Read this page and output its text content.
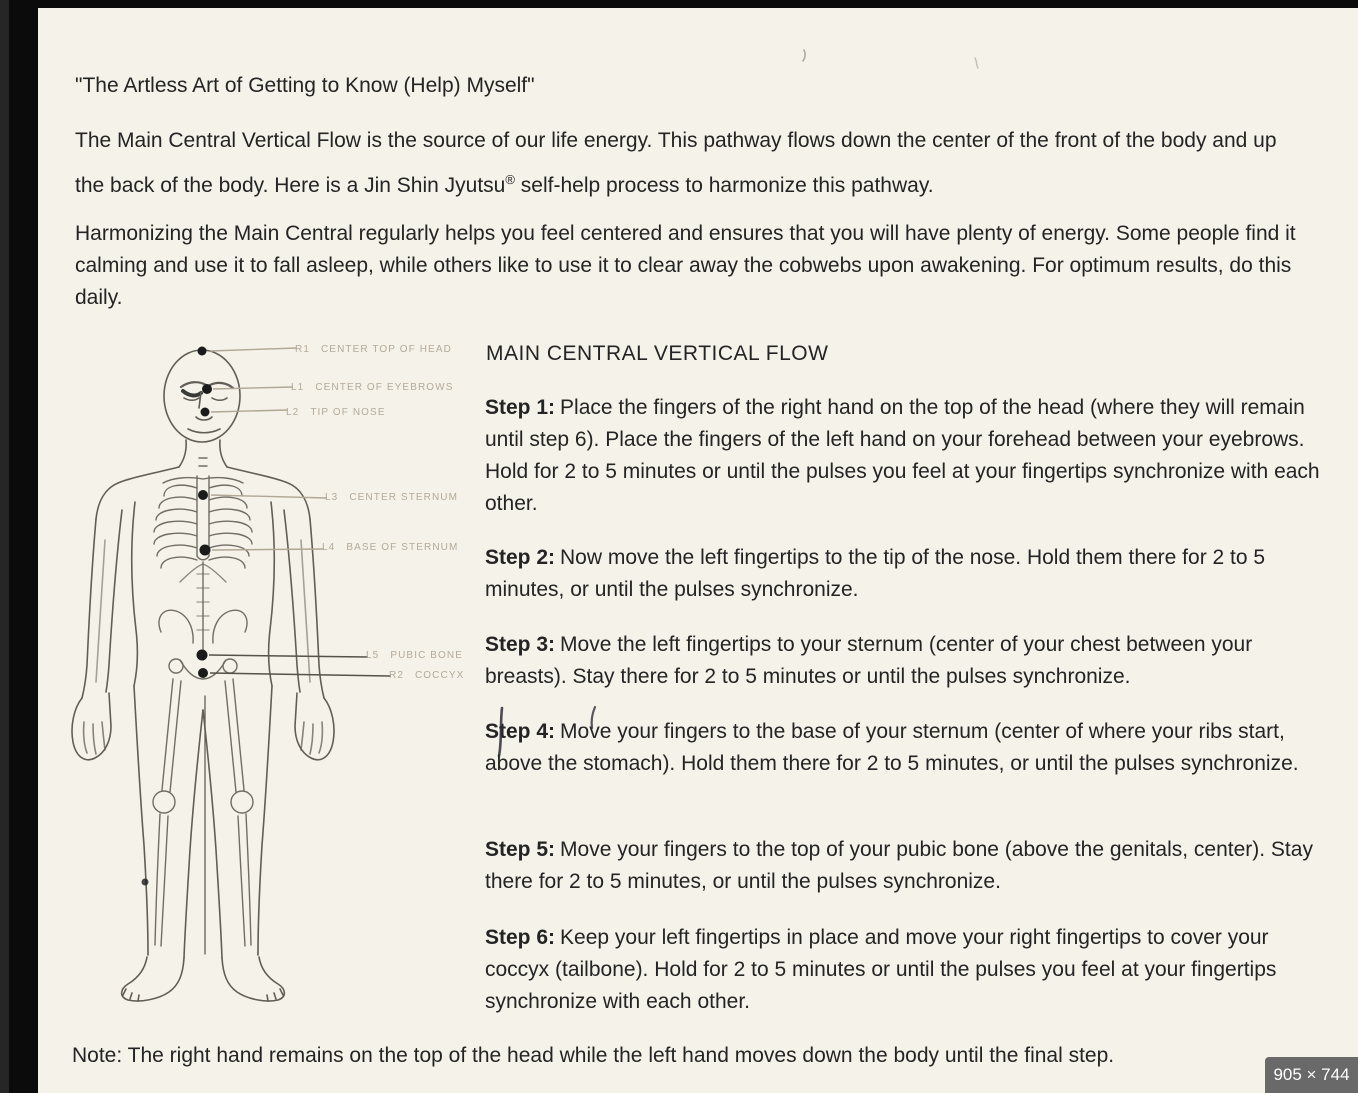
"The Artless Art of Getting to Know (Help) Myself"
The Main Central Vertical Flow is the source of our life energy. This pathway flows down the center of the front of the body and up the back of the body. Here is a Jin Shin Jyutsu® self-help process to harmonize this pathway.
Harmonizing the Main Central regularly helps you feel centered and ensures that you will have plenty of energy. Some people find it calming and use it to fall asleep, while others like to use it to clear away the cobwebs upon awakening. For optimum results, do this daily.
R1 CENTER TOP OF HEAD
L1 CENTER OF EYEBROWS
L2 TIP OF NOSE
L3 CENTER STERNUM
L4 BASE OF STERNUM
L5 PUBIC BONE
R2 COCCYX
MAIN CENTRAL VERTICAL FLOW
Step 1: Place the fingers of the right hand on the top of the head (where they will remain until step 6). Place the fingers of the left hand on your forehead between your eyebrows. Hold for 2 to 5 minutes or until the pulses you feel at your fingertips synchronize with each other.
Step 2: Now move the left fingertips to the tip of the nose. Hold them there for 2 to 5 minutes, or until the pulses synchronize.
Step 3: Move the left fingertips to your sternum (center of your chest between your breasts). Stay there for 2 to 5 minutes or until the pulses synchronize.
Step 4: Move your fingers to the base of your sternum (center of where your ribs start, above the stomach). Hold them there for 2 to 5 minutes, or until the pulses synchronize.
Step 5: Move your fingers to the top of your pubic bone (above the genitals, center). Stay there for 2 to 5 minutes, or until the pulses synchronize.
Step 6: Keep your left fingertips in place and move your right fingertips to cover your coccyx (tailbone). Hold for 2 to 5 minutes or until the pulses you feel at your fingertips synchronize with each other.
Note: The right hand remains on the top of the head while the left hand moves down the body until the final step.
905 × 744
